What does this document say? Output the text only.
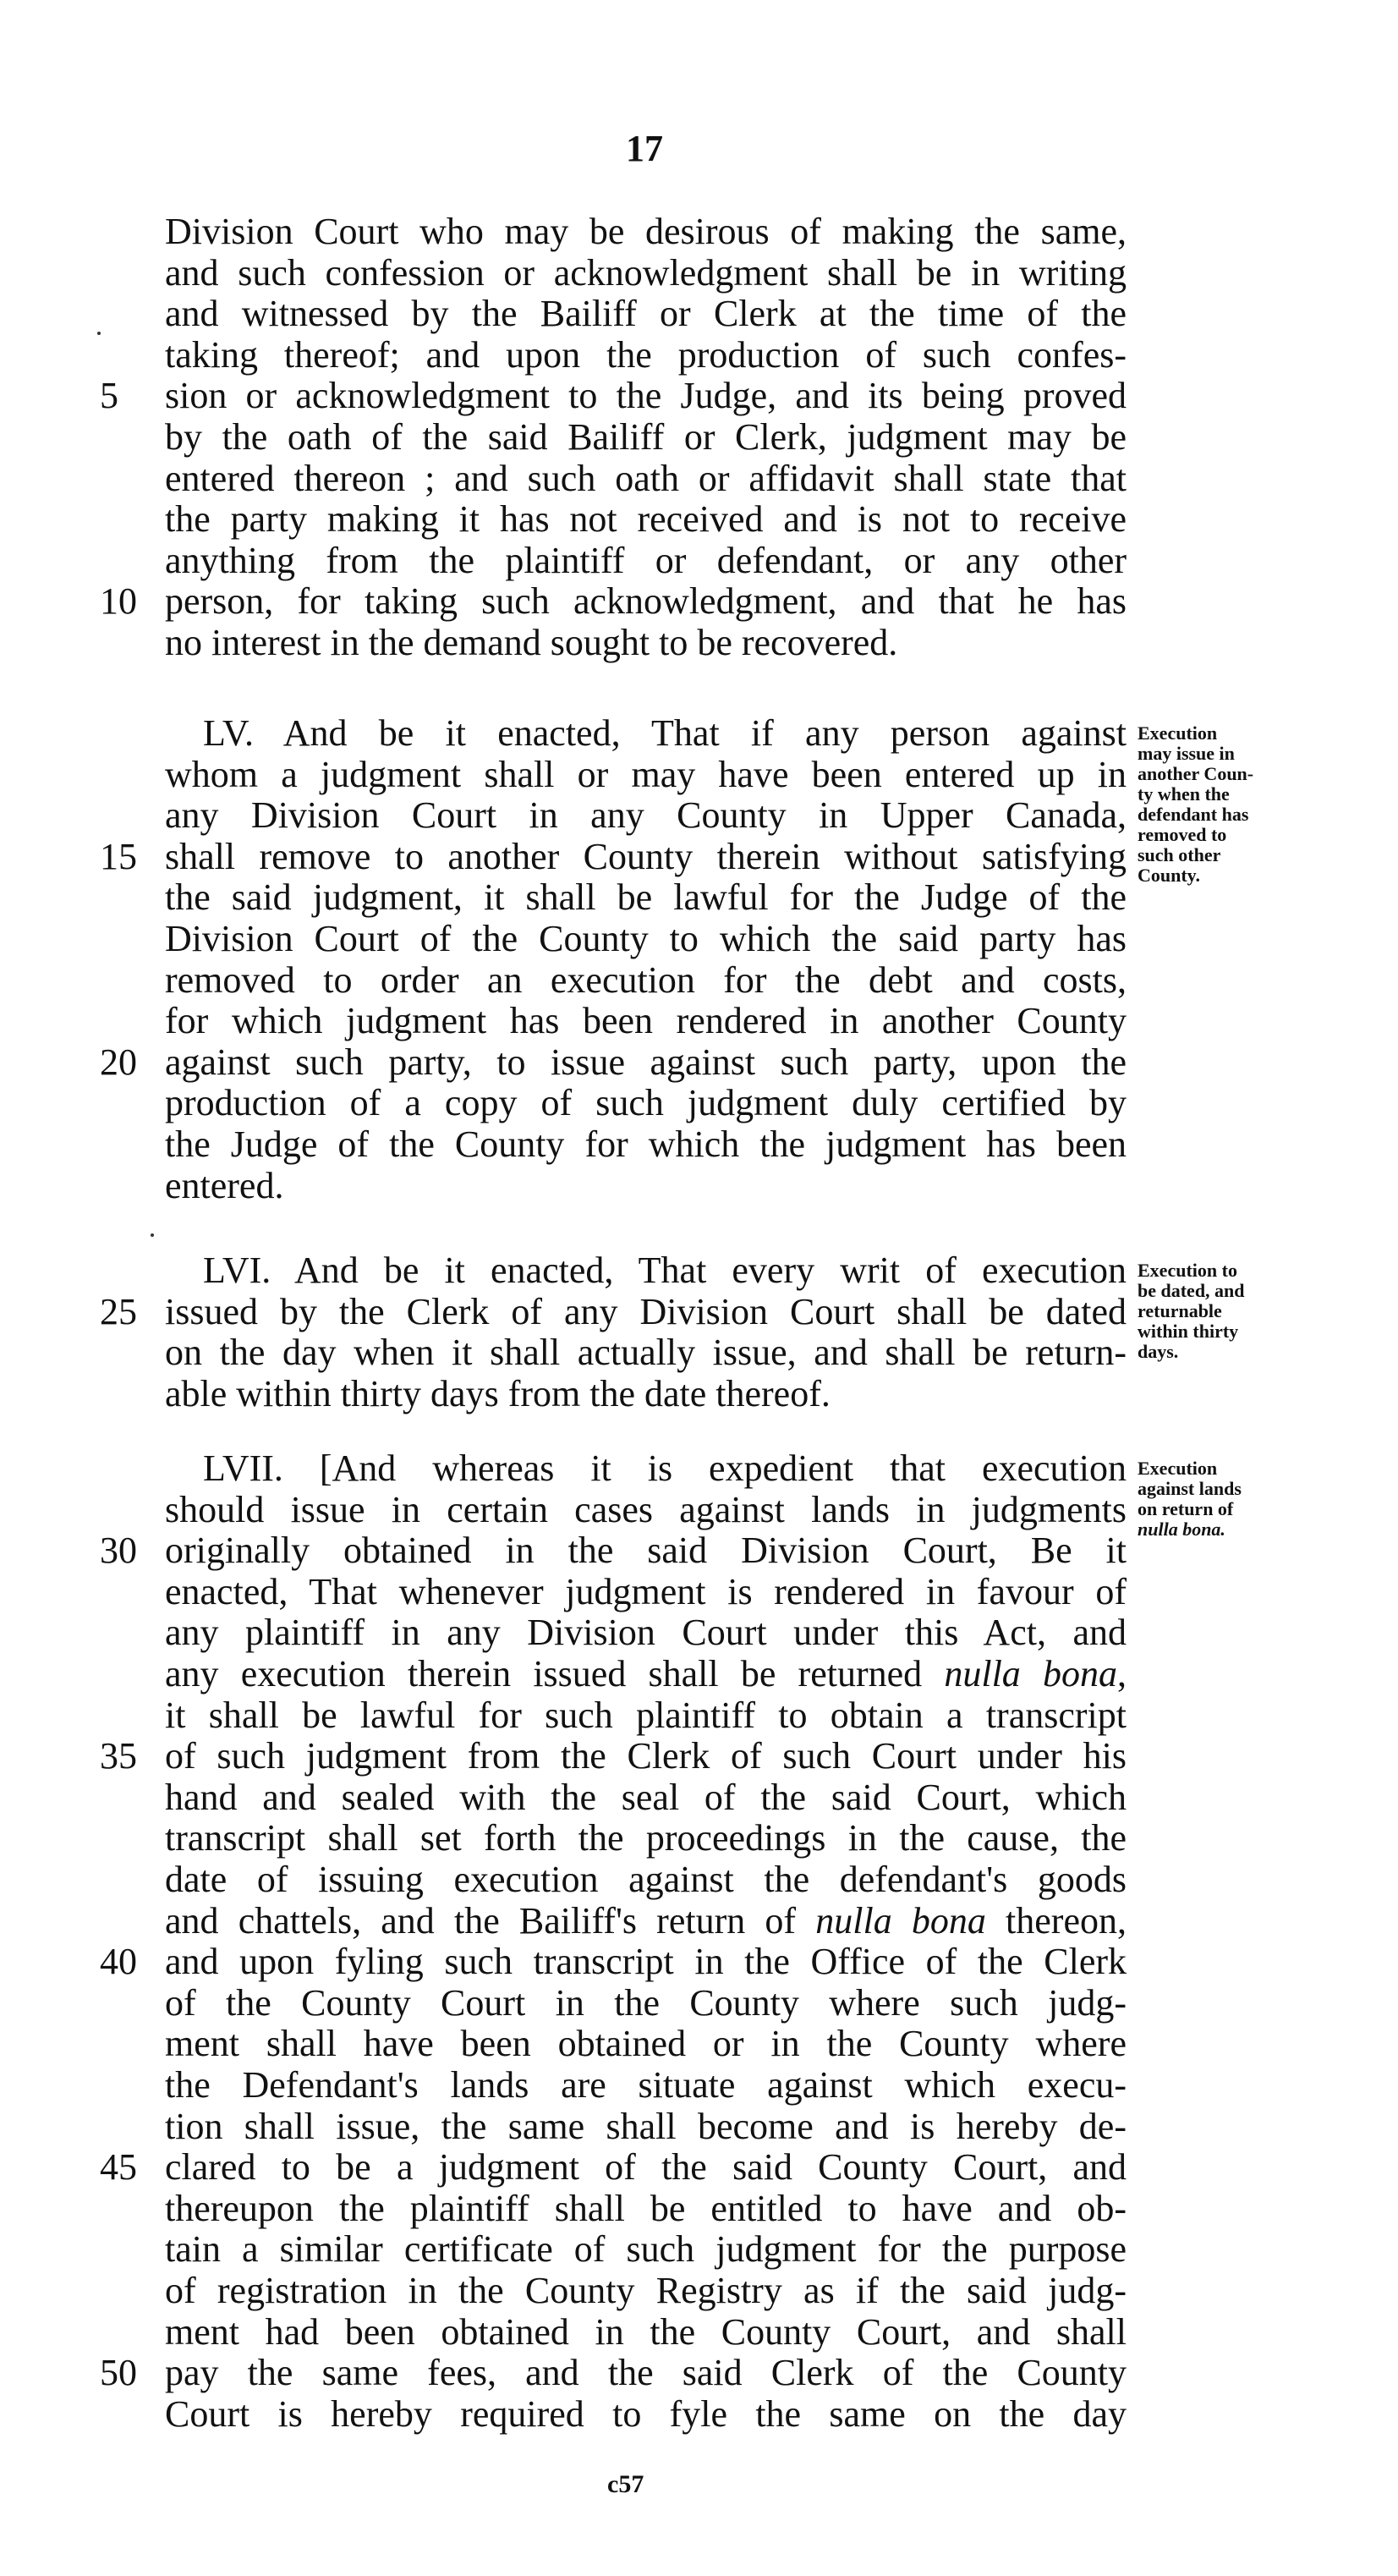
17
Division Court who may be desirous of making the same,
and such confession or acknowledgment shall be in writing
and witnessed by the Bailiff or Clerk at the time of the
taking thereof; and upon the production of such confes-
sion or acknowledgment to the Judge, and its being proved
5
by the oath of the said Bailiff or Clerk, judgment may be
entered thereon ; and such oath or affidavit shall state that
the party making it has not received and is not to receive
anything from the plaintiff or defendant, or any other
person, for taking such acknowledgment, and that he has
10
no interest in the demand sought to be recovered.
LV. And be it enacted, That if any person against
whom a judgment shall or may have been entered up in
any Division Court in any County in Upper Canada,
shall remove to another County therein without satisfying
15
the said judgment, it shall be lawful for the Judge of the
Division Court of the County to which the said party has
removed to order an execution for the debt and costs,
for which judgment has been rendered in another County
against such party, to issue against such party, upon the
20
production of a copy of such judgment duly certified by
the Judge of the County for which the judgment has been
entered.
LVI. And be it enacted, That every writ of execution
issued by the Clerk of any Division Court shall be dated
25
on the day when it shall actually issue, and shall be return-
able within thirty days from the date thereof.
LVII. [And whereas it is expedient that execution
should issue in certain cases against lands in judgments
originally obtained in the said Division Court, Be it
30
enacted, That whenever judgment is rendered in favour of
any plaintiff in any Division Court under this Act, and
any execution therein issued shall be returned nulla bona,
it shall be lawful for such plaintiff to obtain a transcript
of such judgment from the Clerk of such Court under his
35
hand and sealed with the seal of the said Court, which
transcript shall set forth the proceedings in the cause, the
date of issuing execution against the defendant's goods
and chattels, and the Bailiff's return of nulla bona thereon,
and upon fyling such transcript in the Office of the Clerk
40
of the County Court in the County where such judg-
ment shall have been obtained or in the County where
the Defendant's lands are situate against which execu-
tion shall issue, the same shall become and is hereby de-
clared to be a judgment of the said County Court, and
45
thereupon the plaintiff shall be entitled to have and ob-
tain a similar certificate of such judgment for the purpose
of registration in the County Registry as if the said judg-
ment had been obtained in the County Court, and shall
pay the same fees, and the said Clerk of the County
50
Court is hereby required to fyle the same on the day
Execution
may issue in
another Coun-
ty when the
defendant has
removed to
such other
County.
Execution to
be dated, and
returnable
within thirty
days.
Execution
against lands
on return of
nulla bona.
c57
